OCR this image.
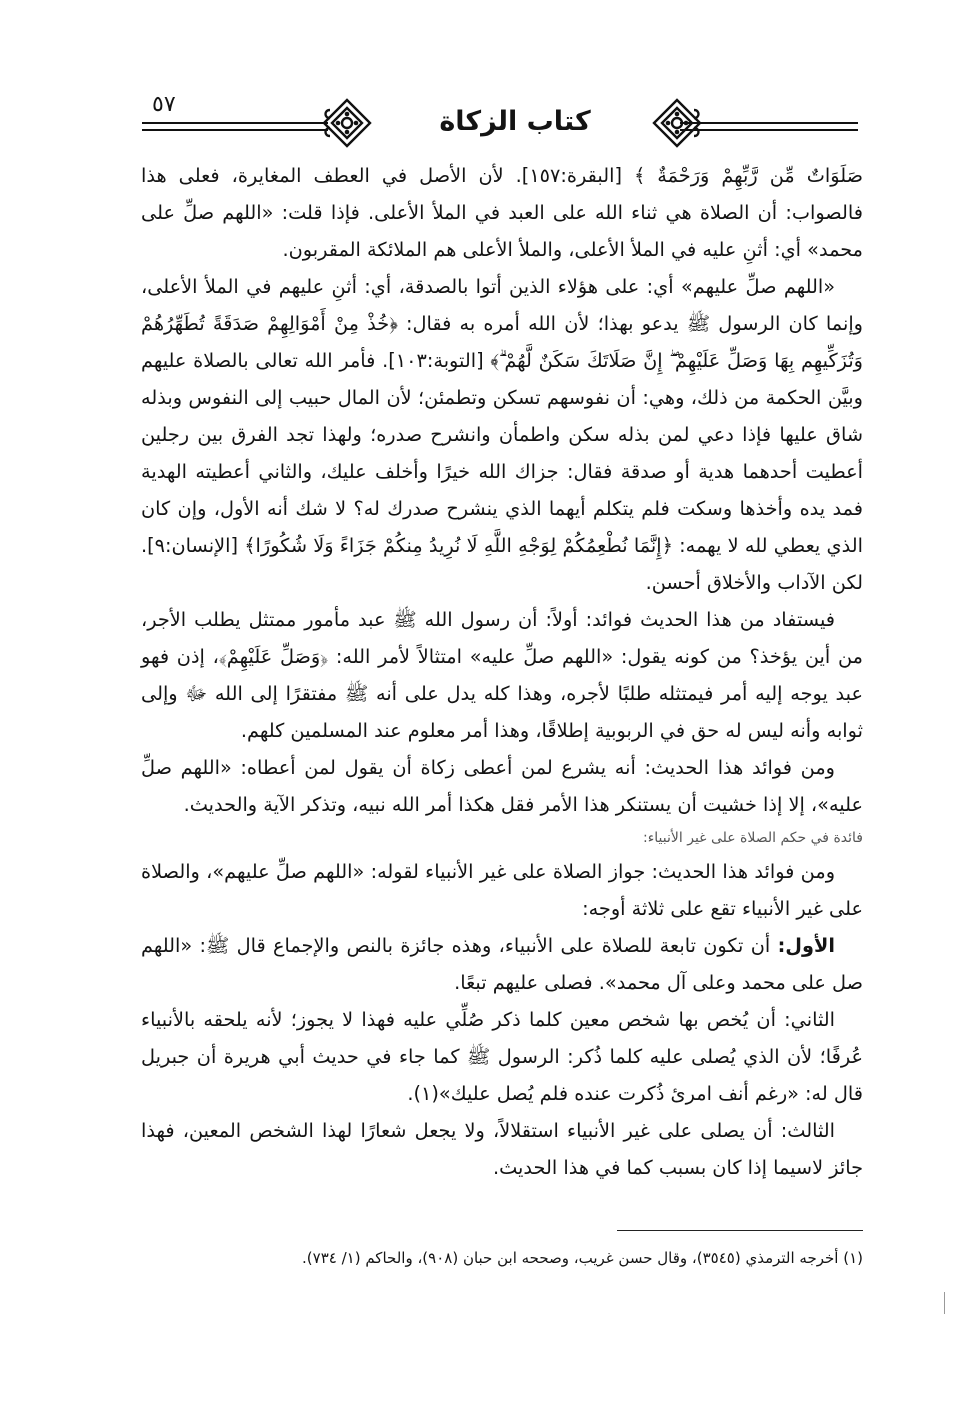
٥٧
كتاب الزكاة

صَلَوَاتٌ مِّن رَّبِّهِمْ وَرَحْمَةٌ ﴾ [البقرة:١٥٧]. لأن الأصل في العطف المغايرة، فعلى هذا فالصواب: أن الصلاة هي ثناء الله على العبد في الملأ الأعلى. فإذا قلت: «اللهم صلِّ على محمد» أي: أثنِ عليه في الملأ الأعلى، والملأ الأعلى هم الملائكة المقربون.

«اللهم صلِّ عليهم» أي: على هؤلاء الذين أتوا بالصدقة، أي: أثنِ عليهم في الملأ الأعلى، وإنما كان الرسول ﷺ يدعو بهذا؛ لأن الله أمره به فقال: ﴿خُذْ مِنْ أَمْوَالِهِمْ صَدَقَةً تُطَهِّرُهُمْ وَتُزَكِّيهِم بِهَا وَصَلِّ عَلَيْهِمْ ۖ إِنَّ صَلَاتَكَ سَكَنٌ لَّهُمْ ۗ﴾ [التوبة:١٠٣]. فأمر الله تعالى بالصلاة عليهم وبيَّن الحكمة من ذلك، وهي: أن نفوسهم تسكن وتطمئن؛ لأن المال حبيب إلى النفوس وبذله شاق عليها فإذا دعي لمن بذله سكن واطمأن وانشرح صدره؛ ولهذا تجد الفرق بين رجلين أعطيت أحدهما هدية أو صدقة فقال: جزاك الله خيرًا وأخلف عليك، والثاني أعطيته الهدية فمد يده وأخذها وسكت فلم يتكلم أيهما الذي ينشرح صدرك له؟ لا شك أنه الأول، وإن كان الذي يعطي لله لا يهمه: ﴿إِنَّمَا نُطْعِمُكُمْ لِوَجْهِ اللَّهِ لَا نُرِيدُ مِنكُمْ جَزَاءً وَلَا شُكُورًا﴾ [الإنسان:٩]. لكن الآداب والأخلاق أحسن.

فيستفاد من هذا الحديث فوائد: أولاً: أن رسول الله ﷺ عبد مأمور ممتثل يطلب الأجر، من أين يؤخذ؟ من كونه يقول: «اللهم صلِّ عليه» امتثالاً لأمر الله: ﴿وَصَلِّ عَلَيْهِمْ﴾، إذن فهو عبد يوجه إليه أمر فيمتثله طلبًا لأجره، وهذا كله يدل على أنه ﷺ مفتقرًا إلى الله ﷻ وإلى ثوابه وأنه ليس له حق في الربوبية إطلاقًا، وهذا أمر معلوم عند المسلمين كلهم.

ومن فوائد هذا الحديث: أنه يشرع لمن أعطى زكاة أن يقول لمن أعطاه: «اللهم صلِّ عليه»، إلا إذا خشيت أن يستنكر هذا الأمر فقل هكذا أمر الله نبيه، وتذكر الآية والحديث.

فائدة في حكم الصلاة على غير الأنبياء:

ومن فوائد هذا الحديث: جواز الصلاة على غير الأنبياء لقوله: «اللهم صلِّ عليهم»، والصلاة على غير الأنبياء تقع على ثلاثة أوجه:

الأول: أن تكون تابعة للصلاة على الأنبياء، وهذه جائزة بالنص والإجماع قال ﷺ: «اللهم صل على محمد وعلى آل محمد». فصلى عليهم تبعًا.

الثاني: أن يُخص بها شخص معين كلما ذكر صُلِّي عليه فهذا لا يجوز؛ لأنه يلحقه بالأنبياء عُرفًا؛ لأن الذي يُصلى عليه كلما ذُكر: الرسول ﷺ كما جاء في حديث أبي هريرة أن جبريل قال له: «رغم أنف امرئ ذُكرت عنده فلم يُصل عليك»(١).

الثالث: أن يصلى على غير الأنبياء استقلالاً، ولا يجعل شعارًا لهذا الشخص المعين، فهذا جائز لاسيما إذا كان بسبب كما في هذا الحديث.

(١) أخرجه الترمذي (٣٥٤٥)، وقال حسن غريب، وصححه ابن حبان (٩٠٨)، والحاكم (١/ ٧٣٤).
